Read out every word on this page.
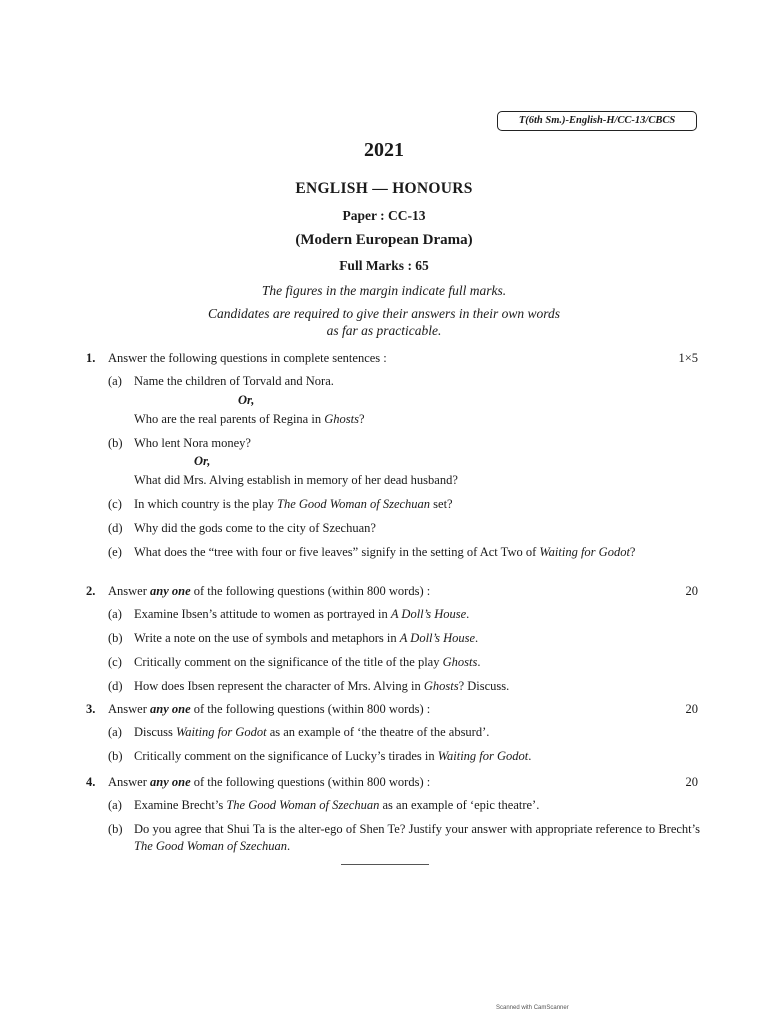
T(6th Sm.)-English-H/CC-13/CBCS
2021
ENGLISH — HONOURS
Paper : CC-13
(Modern European Drama)
Full Marks : 65
The figures in the margin indicate full marks.
Candidates are required to give their answers in their own words
as far as practicable.
1. Answer the following questions in complete sentences :	1×5
(a) Name the children of Torvald and Nora.
Or,
Who are the real parents of Regina in Ghosts?
(b) Who lent Nora money?
Or,
What did Mrs. Alving establish in memory of her dead husband?
(c) In which country is the play The Good Woman of Szechuan set?
(d) Why did the gods come to the city of Szechuan?
(e) What does the “tree with four or five leaves” signify in the setting of Act Two of Waiting for Godot?
2. Answer any one of the following questions (within 800 words) :	20
(a) Examine Ibsen’s attitude to women as portrayed in A Doll’s House.
(b) Write a note on the use of symbols and metaphors in A Doll’s House.
(c) Critically comment on the significance of the title of the play Ghosts.
(d) How does Ibsen represent the character of Mrs. Alving in Ghosts? Discuss.
3. Answer any one of the following questions (within 800 words) :	20
(a) Discuss Waiting for Godot as an example of ‘the theatre of the absurd’.
(b) Critically comment on the significance of Lucky’s tirades in Waiting for Godot.
4. Answer any one of the following questions (within 800 words) :	20
(a) Examine Brecht’s The Good Woman of Szechuan as an example of ‘epic theatre’.
(b) Do you agree that Shui Ta is the alter-ego of Shen Te? Justify your answer with appropriate reference to Brecht’s The Good Woman of Szechuan.
Scanned with CamScanner
